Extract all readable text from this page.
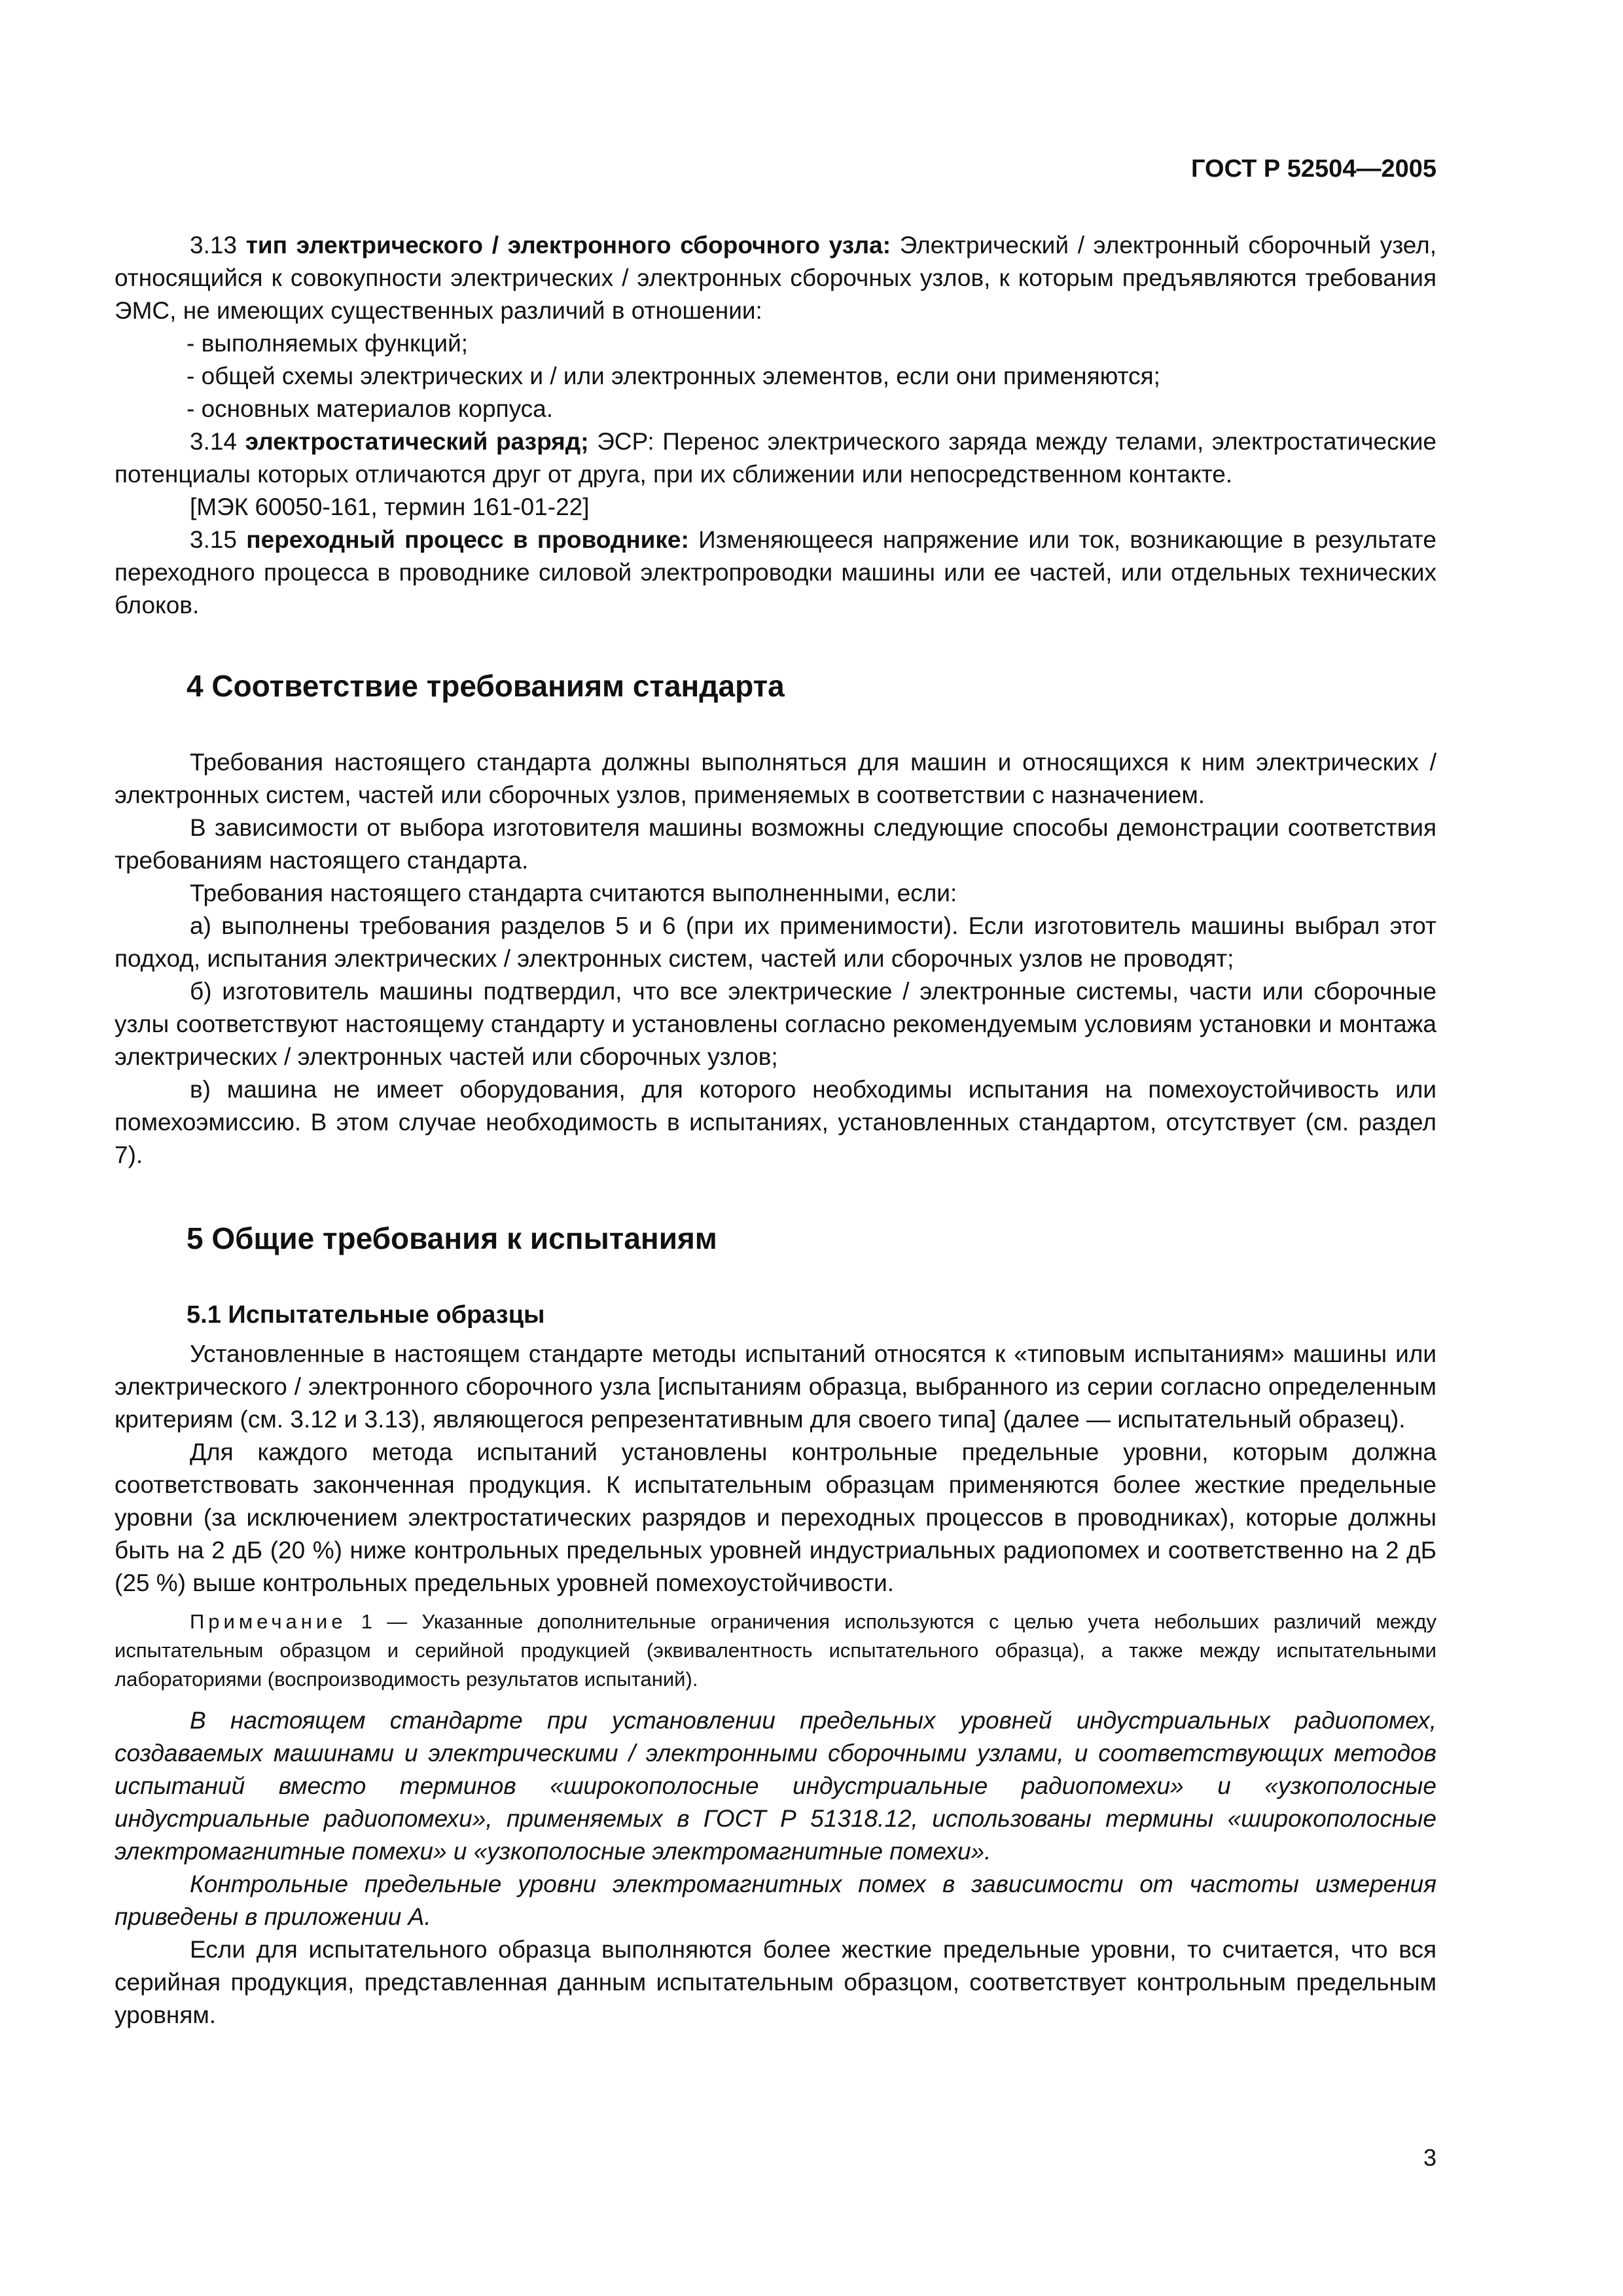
ГОСТ Р 52504—2005

3.13 тип электрического / электронного сборочного узла: Электрический / электронный сборочный узел, относящийся к совокупности электрических / электронных сборочных узлов, к которым предъявляются требования ЭМС, не имеющих существенных различий в отношении:

- выполняемых функций;

- общей схемы электрических и / или электронных элементов, если они применяются;

- основных материалов корпуса.

3.14 электростатический разряд; ЭСР: Перенос электрического заряда между телами, электростатические потенциалы которых отличаются друг от друга, при их сближении или непосредственном контакте.

[МЭК 60050-161, термин 161-01-22]

3.15 переходный процесс в проводнике: Изменяющееся напряжение или ток, возникающие в результате переходного процесса в проводнике силовой электропроводки машины или ее частей, или отдельных технических блоков.

4 Соответствие требованиям стандарта

Требования настоящего стандарта должны выполняться для машин и относящихся к ним электрических / электронных систем, частей или сборочных узлов, применяемых в соответствии с назначением.

В зависимости от выбора изготовителя машины возможны следующие способы демонстрации соответствия требованиям настоящего стандарта.

Требования настоящего стандарта считаются выполненными, если:

а) выполнены требования разделов 5 и 6 (при их применимости). Если изготовитель машины выбрал этот подход, испытания электрических / электронных систем, частей или сборочных узлов не проводят;

б) изготовитель машины подтвердил, что все электрические / электронные системы, части или сборочные узлы соответствуют настоящему стандарту и установлены согласно рекомендуемым условиям установки и монтажа электрических / электронных частей или сборочных узлов;

в) машина не имеет оборудования, для которого необходимы испытания на помехоустойчивость или помехоэмиссию. В этом случае необходимость в испытаниях, установленных стандартом, отсутствует (см. раздел 7).

5 Общие требования к испытаниям
5.1 Испытательные образцы

Установленные в настоящем стандарте методы испытаний относятся к «типовым испытаниям» машины или электрического / электронного сборочного узла [испытаниям образца, выбранного из серии согласно определенным критериям (см. 3.12 и 3.13), являющегося репрезентативным для своего типа] (далее — испытательный образец).

Для каждого метода испытаний установлены контрольные предельные уровни, которым должна соответствовать законченная продукция. К испытательным образцам применяются более жесткие предельные уровни (за исключением электростатических разрядов и переходных процессов в проводниках), которые должны быть на 2 дБ (20 %) ниже контрольных предельных уровней индустриальных радиопомех и соответственно на 2 дБ (25 %) выше контрольных предельных уровней помехоустойчивости.

Примечание 1 — Указанные дополнительные ограничения используются с целью учета небольших различий между испытательным образцом и серийной продукцией (эквивалентность испытательного образца), а также между испытательными лабораториями (воспроизводимость результатов испытаний).

В настоящем стандарте при установлении предельных уровней индустриальных радиопомех, создаваемых машинами и электрическими / электронными сборочными узлами, и соответствующих методов испытаний вместо терминов «широкополосные индустриальные радиопомехи» и «узкополосные индустриальные радиопомехи», применяемых в ГОСТ Р 51318.12, использованы термины «широкополосные электромагнитные помехи» и «узкополосные электромагнитные помехи».

Контрольные предельные уровни электромагнитных помех в зависимости от частоты измерения приведены в приложении А.

Если для испытательного образца выполняются более жесткие предельные уровни, то считается, что вся серийная продукция, представленная данным испытательным образцом, соответствует контрольным предельным уровням.

3
